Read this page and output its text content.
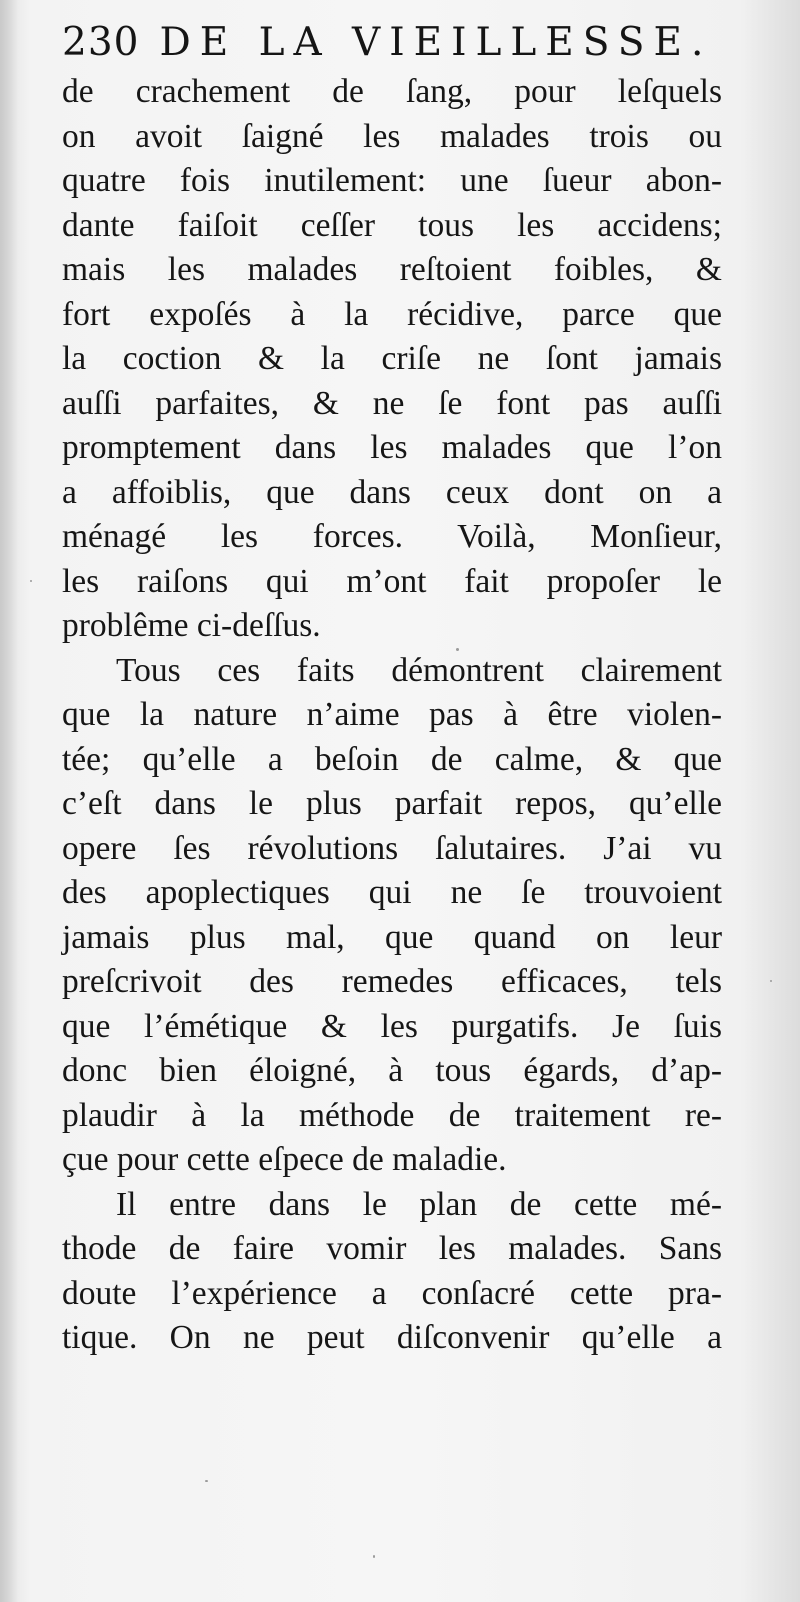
230 DE LA VIEILLESSE.
de crachement de ſang, pour leſquels
on avoit ſaigné les malades trois ou
quatre fois inutilement: une ſueur abon-
dante faiſoit ceſſer tous les accidens;
mais les malades reſtoient foibles, &
fort expoſés à la récidive, parce que
la coction & la criſe ne ſont jamais
auſſi parfaites, & ne ſe font pas auſſi
promptement dans les malades que l’on
a affoiblis, que dans ceux dont on a
ménagé les forces. Voilà, Monſieur,
les raiſons qui m’ont fait propoſer le
problême ci-deſſus.
Tous ces faits démontrent clairement
que la nature n’aime pas à être violen-
tée; qu’elle a beſoin de calme, & que
c’eſt dans le plus parfait repos, qu’elle
opere ſes révolutions ſalutaires. J’ai vu
des apoplectiques qui ne ſe trouvoient
jamais plus mal, que quand on leur
preſcrivoit des remedes efficaces, tels
que l’émétique & les purgatifs. Je ſuis
donc bien éloigné, à tous égards, d’ap-
plaudir à la méthode de traitement re-
çue pour cette eſpece de maladie.
Il entre dans le plan de cette mé-
thode de faire vomir les malades. Sans
doute l’expérience a conſacré cette pra-
tique. On ne peut diſconvenir qu’elle a
